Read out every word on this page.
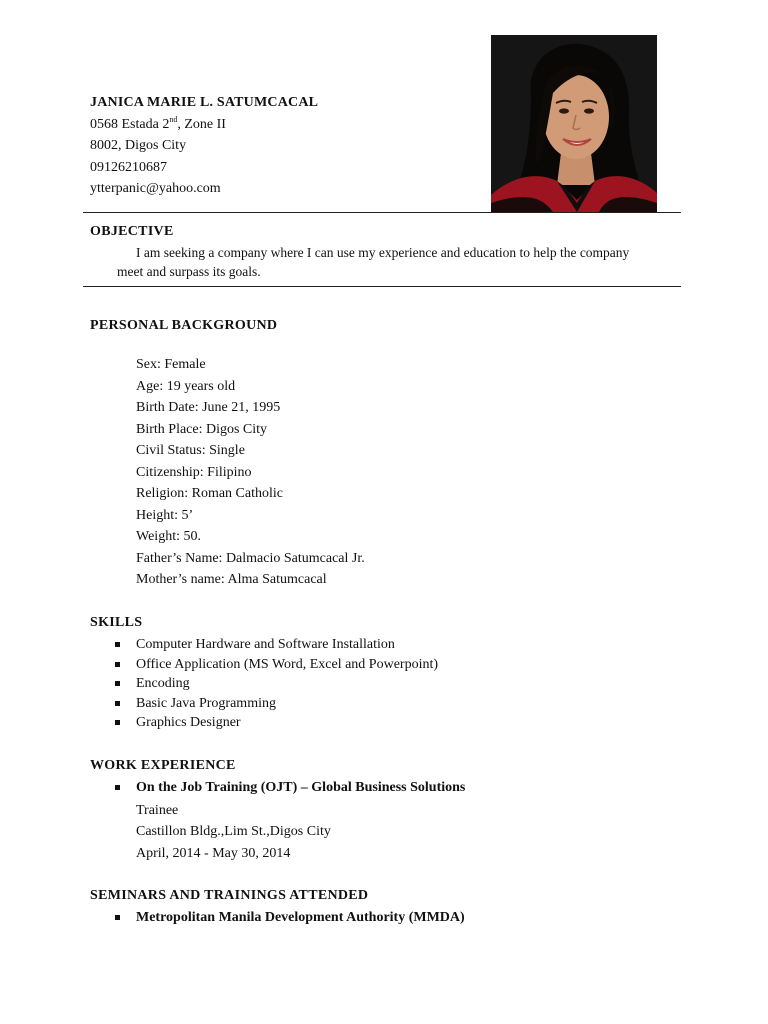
JANICA MARIE L. SATUMCACAL
0568 Estada 2nd, Zone II
8002, Digos City
09126210687
ytterpanic@yahoo.com
OBJECTIVE
I am seeking a company where I can use my experience and education to help the company meet and surpass its goals.
PERSONAL BACKGROUND
Sex: Female
Age: 19 years old
Birth Date: June 21, 1995
Birth Place: Digos City
Civil Status: Single
Citizenship: Filipino
Religion: Roman Catholic
Height: 5’
Weight: 50.
Father’s Name: Dalmacio Satumcacal Jr.
Mother’s name: Alma Satumcacal
SKILLS
Computer Hardware and Software Installation
Office Application (MS Word, Excel and Powerpoint)
Encoding
Basic Java Programming
Graphics Designer
WORK EXPERIENCE
On the Job Training (OJT) – Global Business Solutions
Trainee
Castillon Bldg.,Lim St.,Digos City
April, 2014 - May 30, 2014
SEMINARS AND TRAININGS ATTENDED
Metropolitan Manila Development Authority (MMDA)
